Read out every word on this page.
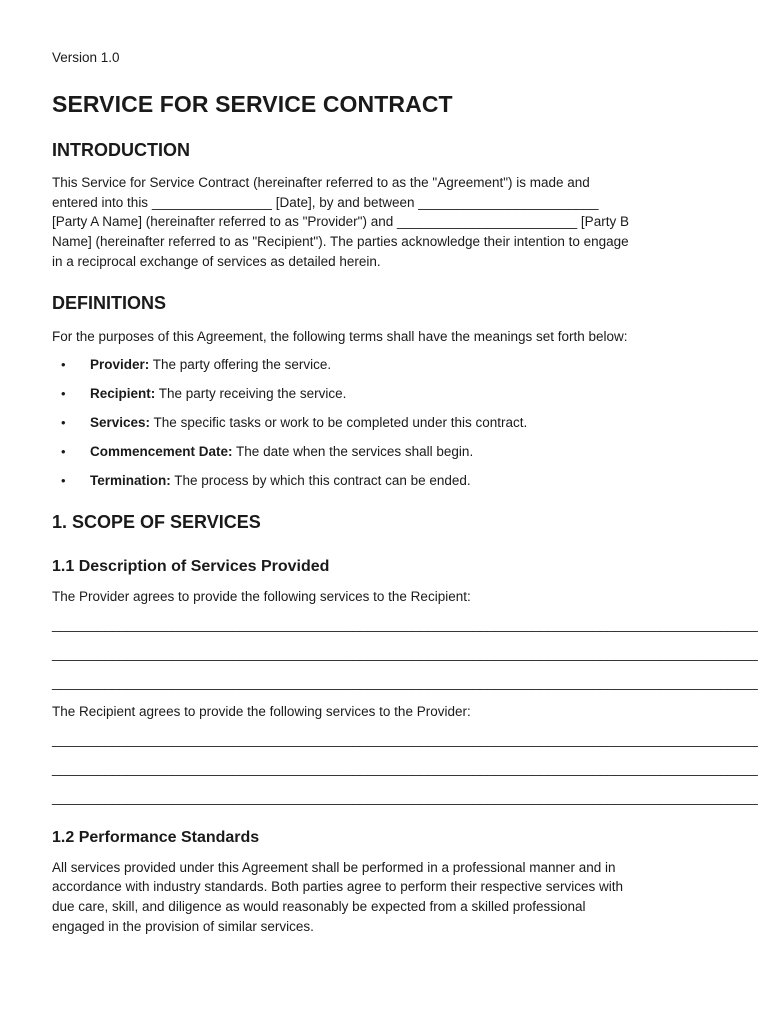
Version 1.0

SERVICE FOR SERVICE CONTRACT
INTRODUCTION

This Service for Service Contract (hereinafter referred to as the "Agreement") is made and
entered into this ________________ [Date], by and between ________________________
[Party A Name] (hereinafter referred to as "Provider") and ________________________ [Party B
Name] (hereinafter referred to as "Recipient"). The parties acknowledge their intention to engage
in a reciprocal exchange of services as detailed herein.

DEFINITIONS

For the purposes of this Agreement, the following terms shall have the meanings set forth below:

• Provider: The party offering the service.
• Recipient: The party receiving the service.
• Services: The specific tasks or work to be completed under this contract.
• Commencement Date: The date when the services shall begin.
• Termination: The process by which this contract can be ended.
1. SCOPE OF SERVICES
1.1 Description of Services Provided

The Provider agrees to provide the following services to the Recipient:

______________________________________________________________________________________________

______________________________________________________________________________________________

______________________________________________________________________________________________

The Recipient agrees to provide the following services to the Provider:

______________________________________________________________________________________________

______________________________________________________________________________________________

______________________________________________________________________________________________

1.2 Performance Standards

All services provided under this Agreement shall be performed in a professional manner and in
accordance with industry standards. Both parties agree to perform their respective services with
due care, skill, and diligence as would reasonably be expected from a skilled professional
engaged in the provision of similar services.
